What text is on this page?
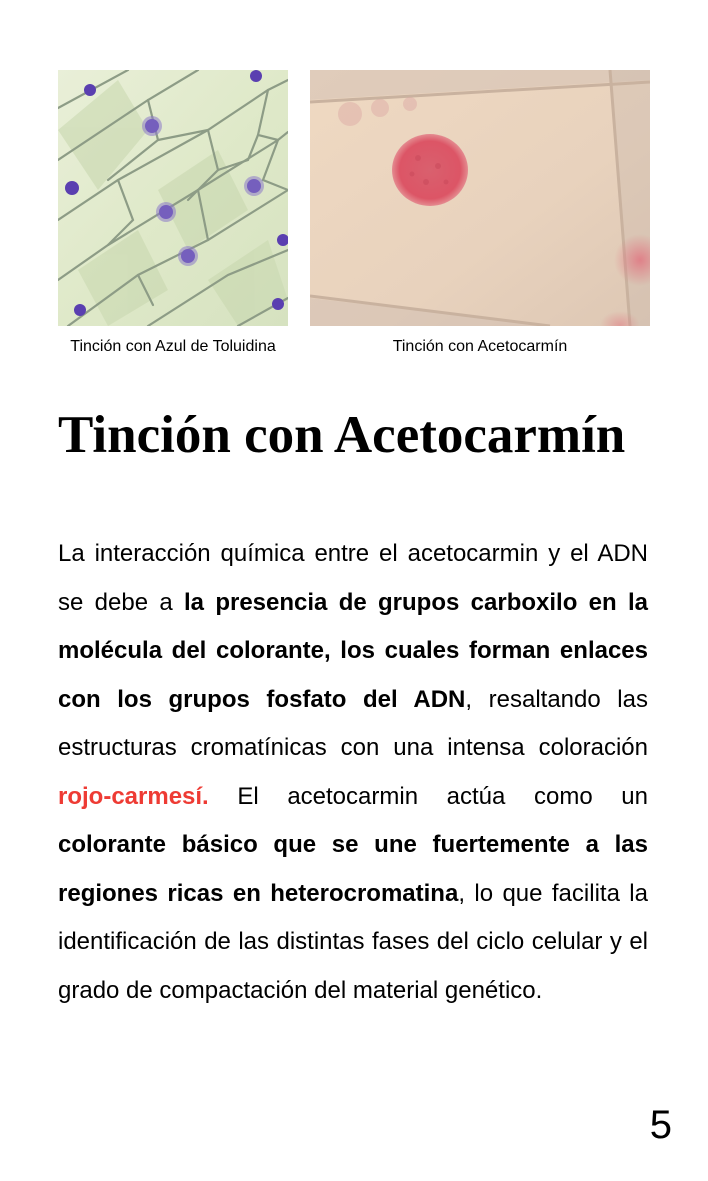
Tinción con Azul de Toluidina	Tinción con Acetocarmín
Tinción con Acetocarmín

La interacción química entre el acetocarmin y el ADN se debe a la presencia de grupos carboxilo en la molécula del colorante, los cuales forman enlaces con los grupos fosfato del ADN, resaltando las estructuras cromatínicas con una intensa coloración rojo-carmesí. El acetocarmin actúa como un colorante básico que se une fuertemente a las regiones ricas en heterocromatina, lo que facilita la identificación de las distintas fases del ciclo celular y el grado de compactación del material genético.

5
